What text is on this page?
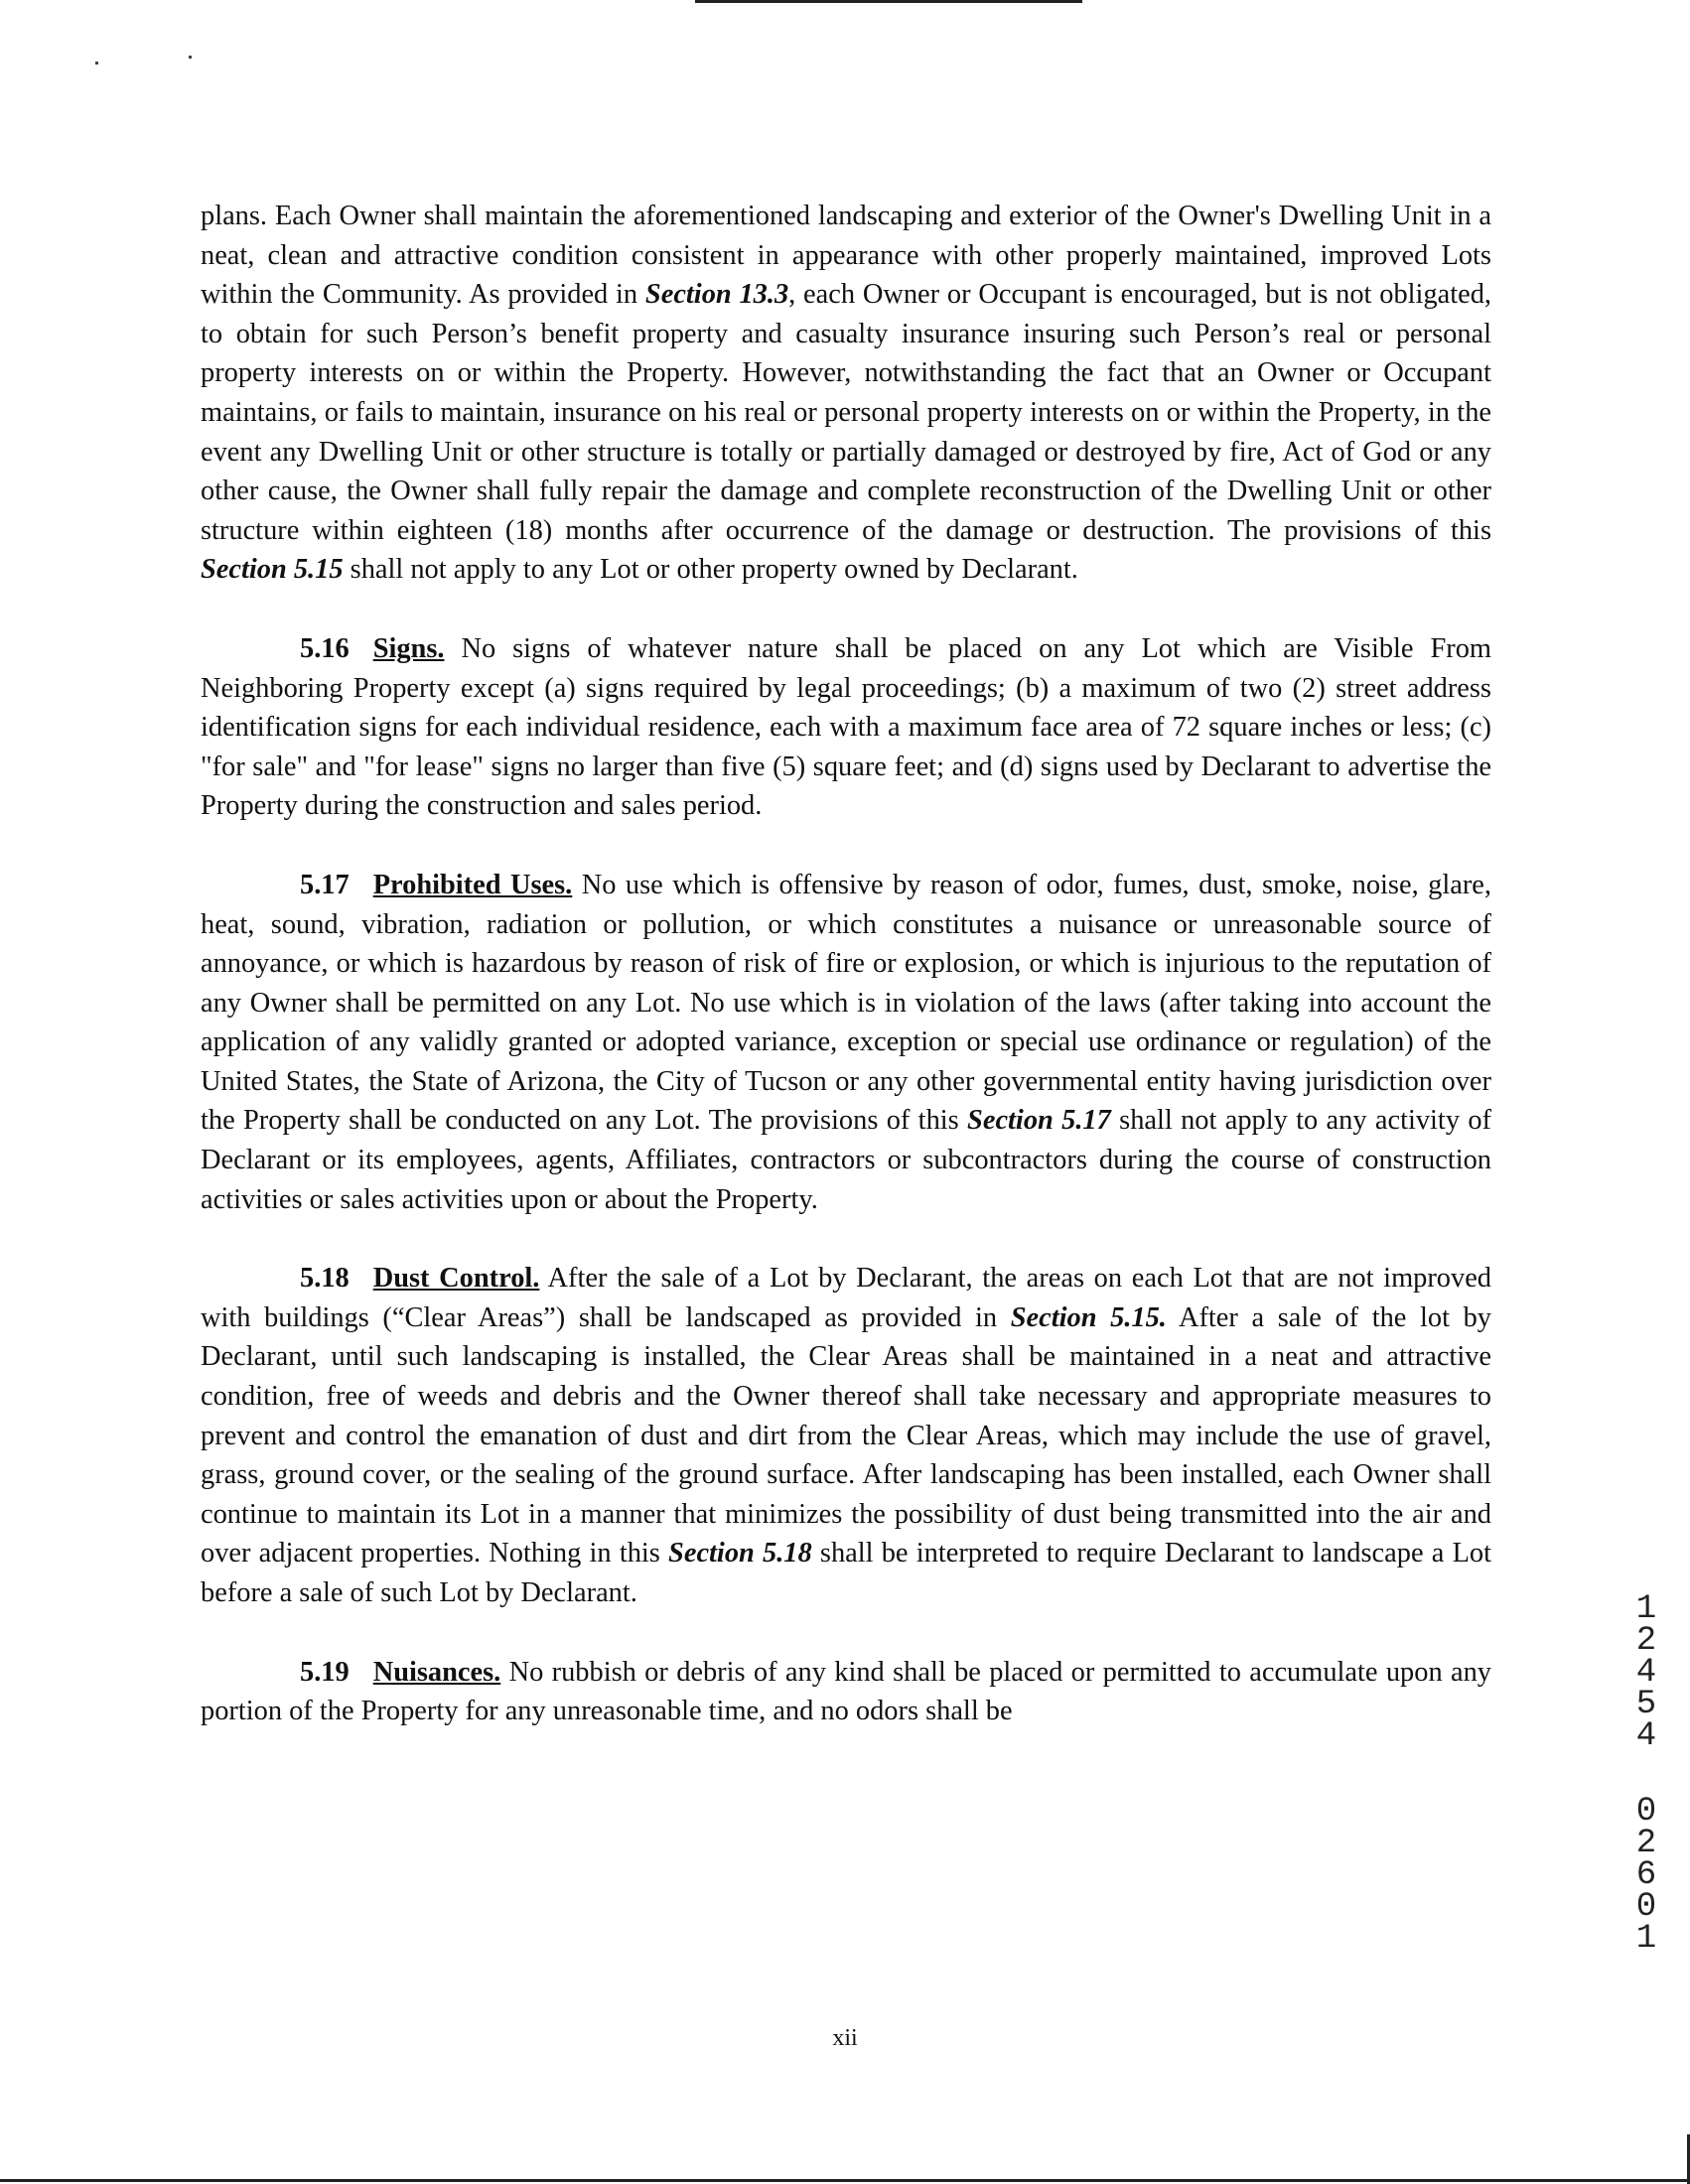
plans. Each Owner shall maintain the aforementioned landscaping and exterior of the Owner's Dwelling Unit in a neat, clean and attractive condition consistent in appearance with other properly maintained, improved Lots within the Community. As provided in Section 13.3, each Owner or Occupant is encouraged, but is not obligated, to obtain for such Person’s benefit property and casualty insurance insuring such Person’s real or personal property interests on or within the Property. However, notwithstanding the fact that an Owner or Occupant maintains, or fails to maintain, insurance on his real or personal property interests on or within the Property, in the event any Dwelling Unit or other structure is totally or partially damaged or destroyed by fire, Act of God or any other cause, the Owner shall fully repair the damage and complete reconstruction of the Dwelling Unit or other structure within eighteen (18) months after occurrence of the damage or destruction. The provisions of this Section 5.15 shall not apply to any Lot or other property owned by Declarant.

5.16 Signs. No signs of whatever nature shall be placed on any Lot which are Visible From Neighboring Property except (a) signs required by legal proceedings; (b) a maximum of two (2) street address identification signs for each individual residence, each with a maximum face area of 72 square inches or less; (c) "for sale" and "for lease" signs no larger than five (5) square feet; and (d) signs used by Declarant to advertise the Property during the construction and sales period.

5.17 Prohibited Uses. No use which is offensive by reason of odor, fumes, dust, smoke, noise, glare, heat, sound, vibration, radiation or pollution, or which constitutes a nuisance or unreasonable source of annoyance, or which is hazardous by reason of risk of fire or explosion, or which is injurious to the reputation of any Owner shall be permitted on any Lot. No use which is in violation of the laws (after taking into account the application of any validly granted or adopted variance, exception or special use ordinance or regulation) of the United States, the State of Arizona, the City of Tucson or any other governmental entity having jurisdiction over the Property shall be conducted on any Lot. The provisions of this Section 5.17 shall not apply to any activity of Declarant or its employees, agents, Affiliates, contractors or subcontractors during the course of construction activities or sales activities upon or about the Property.

5.18 Dust Control. After the sale of a Lot by Declarant, the areas on each Lot that are not improved with buildings (“Clear Areas”) shall be landscaped as provided in Section 5.15. After a sale of the lot by Declarant, until such landscaping is installed, the Clear Areas shall be maintained in a neat and attractive condition, free of weeds and debris and the Owner thereof shall take necessary and appropriate measures to prevent and control the emanation of dust and dirt from the Clear Areas, which may include the use of gravel, grass, ground cover, or the sealing of the ground surface. After landscaping has been installed, each Owner shall continue to maintain its Lot in a manner that minimizes the possibility of dust being transmitted into the air and over adjacent properties. Nothing in this Section 5.18 shall be interpreted to require Declarant to landscape a Lot before a sale of such Lot by Declarant.

5.19 Nuisances. No rubbish or debris of any kind shall be placed or permitted to accumulate upon any portion of the Property for any unreasonable time, and no odors shall be

1
2
4
5
4
0
2
6
0
1
xii
